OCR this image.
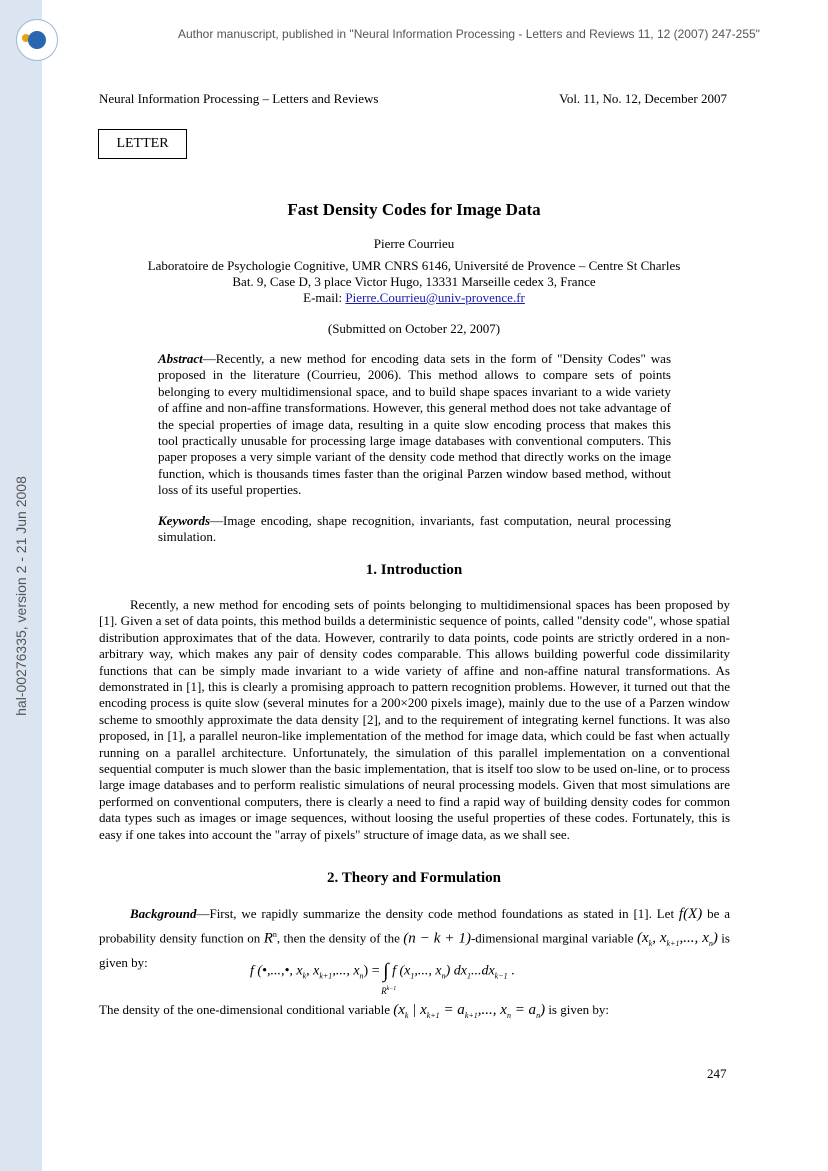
hal-00276335, version 2 - 21 Jun 2008
Author manuscript, published in "Neural Information Processing - Letters and Reviews 11, 12 (2007) 247-255"
Neural Information Processing – Letters and Reviews	Vol. 11, No. 12, December 2007
LETTER
Fast Density Codes for Image Data
Pierre Courrieu
Laboratoire de Psychologie Cognitive, UMR CNRS 6146, Université de Provence – Centre St Charles
Bat. 9, Case D, 3 place Victor Hugo, 13331 Marseille cedex 3, France
E-mail: Pierre.Courrieu@univ-provence.fr
(Submitted on October 22, 2007)
Abstract—Recently, a new method for encoding data sets in the form of "Density Codes" was proposed in the literature (Courrieu, 2006). This method allows to compare sets of points belonging to every multidimensional space, and to build shape spaces invariant to a wide variety of affine and non-affine transformations. However, this general method does not take advantage of the special properties of image data, resulting in a quite slow encoding process that makes this tool practically unusable for processing large image databases with conventional computers. This paper proposes a very simple variant of the density code method that directly works on the image function, which is thousands times faster than the original Parzen window based method, without loss of its useful properties.
Keywords—Image encoding, shape recognition, invariants, fast computation, neural processing simulation.
1. Introduction
Recently, a new method for encoding sets of points belonging to multidimensional spaces has been proposed by [1]. Given a set of data points, this method builds a deterministic sequence of points, called "density code", whose spatial distribution approximates that of the data. However, contrarily to data points, code points are strictly ordered in a non-arbitrary way, which makes any pair of density codes comparable. This allows building powerful code dissimilarity functions that can be simply made invariant to a wide variety of affine and non-affine natural transformations. As demonstrated in [1], this is clearly a promising approach to pattern recognition problems. However, it turned out that the encoding process is quite slow (several minutes for a 200×200 pixels image), mainly due to the use of a Parzen window scheme to smoothly approximate the data density [2], and to the requirement of integrating kernel functions. It was also proposed, in [1], a parallel neuron-like implementation of the method for image data, which could be fast when actually running on a parallel architecture. Unfortunately, the simulation of this parallel implementation on a conventional sequential computer is much slower than the basic implementation, that is itself too slow to be used on-line, or to process large image databases and to perform realistic simulations of neural processing models. Given that most simulations are performed on conventional computers, there is clearly a need to find a rapid way of building density codes for common data types such as images or image sequences, without loosing the useful properties of these codes. Fortunately, this is easy if one takes into account the "array of pixels" structure of image data, as we shall see.
2. Theory and Formulation
Background—First, we rapidly summarize the density code method foundations as stated in [1]. Let f(X) be a probability density function on $R^n$, then the density of the (n − k + 1)-dimensional marginal variable ($x_k$, $x_{k+1}$,..., $x_n$) is given by:
f (•,...,•, $x_k$, $x_{k+1}$,..., $x_n$) = ∫
$R^{k-1}$
f ($x_1$,..., $x_n$) $dx_1...dx_{k-1}$ .
The density of the one-dimensional conditional variable ($x_k$ | $x_{k+1} = a_{k+1}$,..., $x_n = a_n$) is given by:
247
